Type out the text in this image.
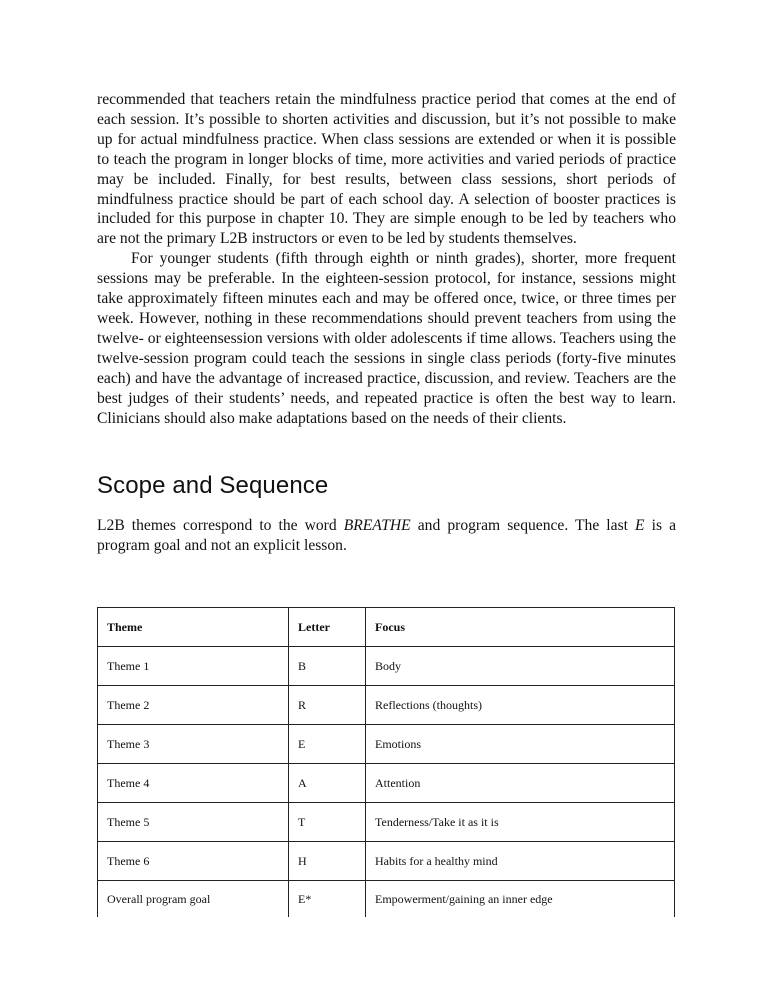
recommended that teachers retain the mindfulness practice period that comes at the end of each session. It’s possible to shorten activities and discussion, but it’s not possible to make up for actual mindfulness practice. When class sessions are extended or when it is possible to teach the program in longer blocks of time, more activities and varied periods of practice may be included. Finally, for best results, between class sessions, short periods of mindfulness practice should be part of each school day. A selection of booster practices is included for this purpose in chapter 10. They are simple enough to be led by teachers who are not the primary L2B instructors or even to be led by students themselves.

For younger students (fifth through eighth or ninth grades), shorter, more frequent sessions may be preferable. In the eighteen-session protocol, for instance, sessions might take approximately fifteen minutes each and may be offered once, twice, or three times per week. However, nothing in these recommendations should prevent teachers from using the twelve- or eighteensession versions with older adolescents if time allows. Teachers using the twelve-session program could teach the sessions in single class periods (forty-five minutes each) and have the advantage of increased practice, discussion, and review. Teachers are the best judges of their students’ needs, and repeated practice is often the best way to learn. Clinicians should also make adaptations based on the needs of their clients.

Scope and Sequence

L2B themes correspond to the word BREATHE and program sequence. The last E is a program goal and not an explicit lesson.

Theme	Letter	Focus
Theme 1	B	Body
Theme 2	R	Reflections (thoughts)
Theme 3	E	Emotions
Theme 4	A	Attention
Theme 5	T	Tenderness/Take it as it is
Theme 6	H	Habits for a healthy mind
Overall program goal	E*	Empowerment/gaining an inner edge
